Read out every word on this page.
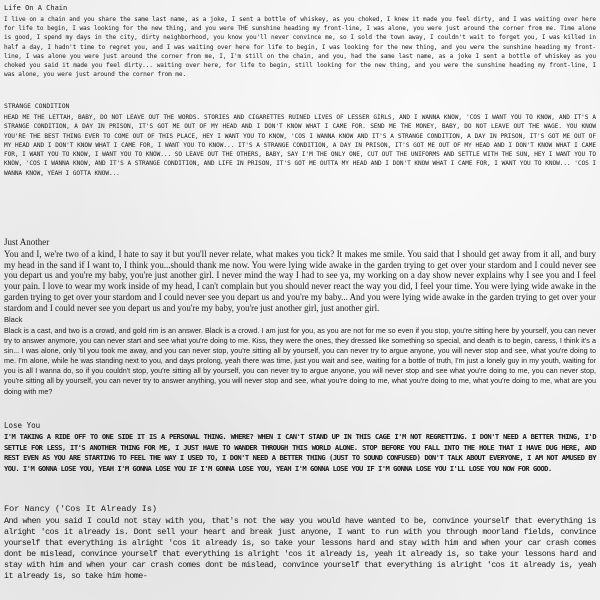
Life On A Chain

I live on a chain and you share the same last name, as a joke, I sent a bottle of whiskey, as you choked, I knew it made you feel dirty, and I was waiting over here for life to begin, I was looking for the new thing, and you were THE sunshine heading my front-line, I was alone, you were just around the corner from me. Time alone is good, I spend my days in the city, dirty neighborhood, you know you'll never convince me, so I sold the town away, I couldn't wait to forget you, I was killed in half a day, I hadn't time to regret you, and I was waiting over here for life to begin, I was looking for the new thing, and you were the sunshine heading my front-line, I was alone you were just around the corner from me, I, I'm still on the chain, and you, had the same last name, as a joke I sent a bottle of whiskey as you choked you said it made you feel dirty... waiting over here, for life to begin, still looking for the new thing, and you were the sunshine heading my front-line, I was alone, you were just around the corner from me.

STRANGE CONDITION

HEAD ME THE LETTAH, BABY, DO NOT LEAVE OUT THE WORDS. STORIES AND CIGARETTES RUINED LIVES OF LESSER GIRLS, AND I WANNA KNOW, 'COS I WANT YOU TO KNOW, AND IT'S A STRANGE CONDITION, A DAY IN PRISON, IT'S GOT ME OUT OF MY HEAD AND I DON'T KNOW WHAT I CAME FOR. SEND ME THE MONEY, BABY, DO NOT LEAVE OUT THE WAGE. YOU KNOW YOU'RE THE BEST THING EVER TO COME OUT OF THIS PLACE, HEY I WANT YOU TO KNOW, 'COS I WANNA KNOW AND IT'S A STRANGE CONDITION, A DAY IN PRISON, IT'S GOT ME OUT OF MY HEAD AND I DON'T KNOW WHAT I CAME FOR, I WANT YOU TO KNOW... IT'S A STRANGE CONDITION, A DAY IN PRISON, IT'S GOT ME OUT OF MY HEAD AND I DON'T KNOW WHAT I CAME FOR, I WANT YOU TO KNOW, I WANT YOU TO KNOW... SO LEAVE OUT THE OTHERS, BABY, SAY I'M THE ONLY ONE, CUT OUT THE UNIFORMS AND SETTLE WITH THE SUN, HEY I WANT YOU TO KNOW, 'COS I WANNA KNOW, AND IT'S A STRANGE CONDITION, AND LIFE IN PRISON, IT'S GOT ME OUTTA MY HEAD AND I DON'T KNOW WHAT I CAME FOR, I WANT YOU TO KNOW... 'COS I WANNA KNOW, YEAH I GOTTA KNOW...

Just Another

You and I, we're two of a kind, I hate to say it but you'll never relate, what makes you tick? It makes me smile. You said that I should get away from it all, and bury my head in the sand if I want to, I think you...should thank me now. You were lying wide awake in the garden trying to get over your stardom and I could never see you depart us and you're my baby, you're just another girl. I never mind the way I had to see ya, my working on a day show never explains why I see you and I feel your pain. I love to wear my work inside of my head, I can't complain but you should never react the way you did, I feel your time. You were lying wide awake in the garden trying to get over your stardom and I could never see you depart us and you're my baby... And you were lying wide awake in the garden trying to get over your stardom and I could never see you depart us and you're my baby, you're just another girl, just another girl.

Black

Black is a cast, and two is a crowd, and gold rim is an answer. Black is a crowd. I am just for you, as you are not for me so even if you stop, you're sitting here by yourself, you can never try to answer anymore, you can never start and see what you're doing to me. Kiss, they were the ones, they dressed like something so special, and death is to begin, caress, I think it's a sin... I was alone, only 'til you took me away, and you can never stop, you're sitting all by yourself, you can never try to argue anyone, you will never stop and see, what you're doing to me. I'm alone, while he was standing next to you, and days prolong, yeah there was time, just you wait and see, waiting for a bottle of truth, I'm just a lonely guy in my youth, waiting for you is all I wanna do, so if you couldn't stop, you're sitting all by yourself, you can never try to argue anyone, you will never stop and see what you're doing to me, you can never stop, you're sitting all by yourself, you can never try to answer anything, you will never stop and see, what you're doing to me, what you're doing to me, what you're doing to me, what are you doing with me?

Lose You

I'M TAKING A RIDE OFF TO ONE SIDE IT IS A PERSONAL THING. WHERE? WHEN I CAN'T STAND UP IN THIS CAGE I'M NOT REGRETTING. I DON'T NEED A BETTER THING, I'D SETTLE FOR LESS, IT'S ANOTHER THING FOR ME, I JUST HAVE TO WANDER THROUGH THIS WORLD ALONE. STOP BEFORE YOU FALL INTO THE HOLE THAT I HAVE DUG HERE, AND REST EVEN AS YOU ARE STARTING TO FEEL THE WAY I USED TO, I DON'T NEED A BETTER THING (JUST TO SOUND CONFUSED) DON'T TALK ABOUT EVERYONE, I AM NOT AMUSED BY YOU. I'M GONNA LOSE YOU, YEAH I'M GONNA LOSE YOU IF I'M GONNA LOSE YOU, YEAH I'M GONNA LOSE YOU IF I'M GONNA LOSE YOU I'LL LOSE YOU NOW FOR GOOD.

For Nancy ('Cos It Already Is)

And when you said I could not stay with you, that's not the way you would have wanted to be, convince yourself that everything is alright 'cos it already is. Dont sell your heart and break just anyone, I want to run with you through moorland fields, convince yourself that everything is alright 'cos it already is, so take your lessons hard and stay with him and when your car crash comes dont be mislead, convince yourself that everything is alright 'cos it already is, yeah it already is, so take your lessons hard and stay with him and when your car crash comes dont be mislead, convince yourself that everything is alright 'cos it already is, yeah it already is, so take him home-
